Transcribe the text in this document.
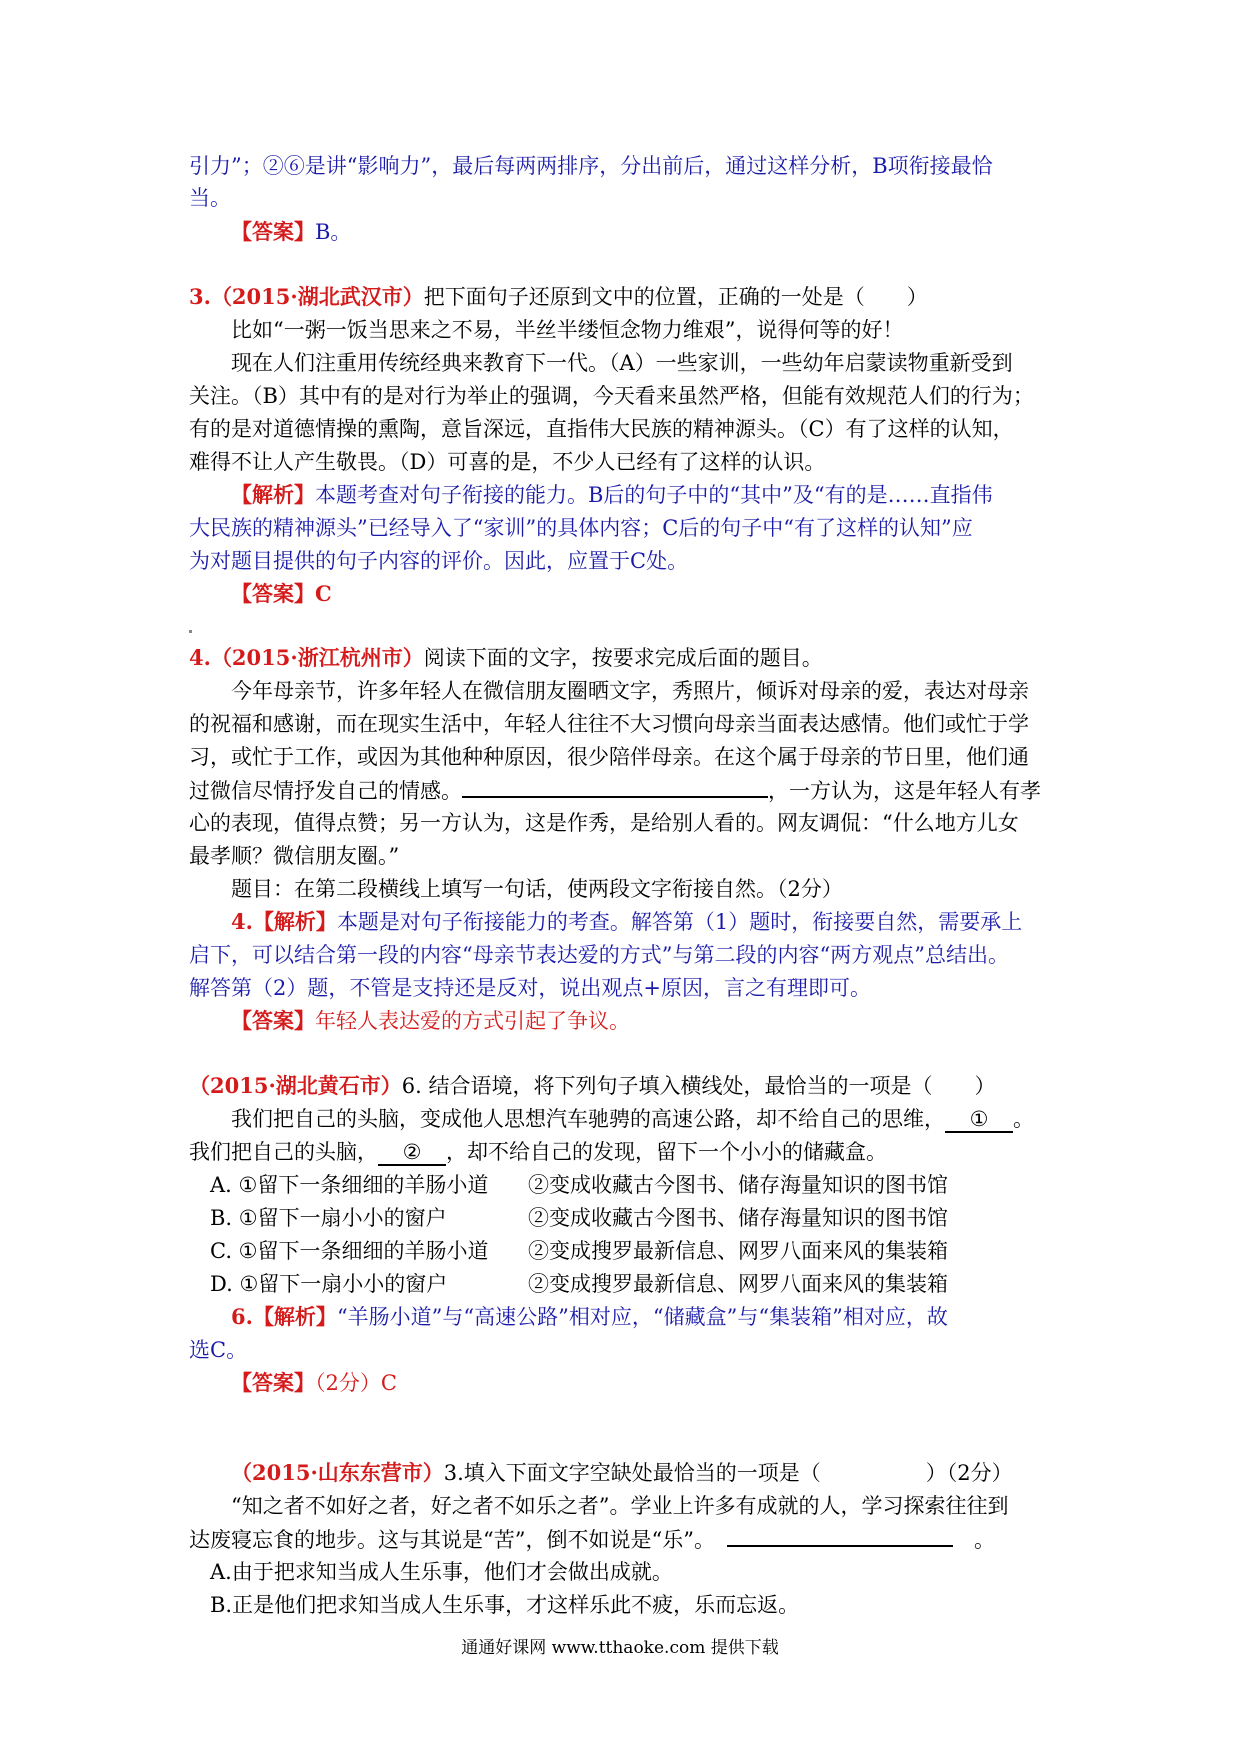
引力”；②⑥是讲“影响力”，最后每两两排序，分出前后，通过这样分析，B项衔接最恰
当。
【答案】B。
3.（2015·湖北武汉市）把下面句子还原到文中的位置，正确的一处是（　　）
比如“一粥一饭当思来之不易，半丝半缕恒念物力维艰”，说得何等的好！
现在人们注重用传统经典来教育下一代。（A）一些家训，一些幼年启蒙读物重新受到
关注。（B）其中有的是对行为举止的强调，今天看来虽然严格，但能有效规范人们的行为；
有的是对道德情操的熏陶，意旨深远，直指伟大民族的精神源头。（C）有了这样的认知，
难得不让人产生敬畏。（D）可喜的是，不少人已经有了这样的认识。
【解析】本题考查对句子衔接的能力。B后的句子中的“其中”及“有的是……直指伟
大民族的精神源头”已经导入了“家训”的具体内容；C后的句子中“有了这样的认知”应
为对题目提供的句子内容的评价。因此，应置于C处。
【答案】C
4.（2015·浙江杭州市）阅读下面的文字，按要求完成后面的题目。
今年母亲节，许多年轻人在微信朋友圈晒文字，秀照片，倾诉对母亲的爱，表达对母亲
的祝福和感谢，而在现实生活中，年轻人往往不大习惯向母亲当面表达感情。他们或忙于学
习，或忙于工作，或因为其他种种原因，很少陪伴母亲。在这个属于母亲的节日里，他们通
过微信尽情抒发自己的情感。	，一方认为，这是年轻人有孝
心的表现，值得点赞；另一方认为，这是作秀，是给别人看的。网友调侃：“什么地方儿女
最孝顺？微信朋友圈。”
题目：在第二段横线上填写一句话，使两段文字衔接自然。（2分）
4.【解析】本题是对句子衔接能力的考查。解答第（1）题时，衔接要自然，需要承上
启下，可以结合第一段的内容“母亲节表达爱的方式”与第二段的内容“两方观点”总结出。
解答第（2）题，不管是支持还是反对，说出观点+原因，言之有理即可。
【答案】年轻人表达爱的方式引起了争议。
（2015·湖北黄石市）6. 结合语境，将下列句子填入横线处，最恰当的一项是（　　）
我们把自己的头脑，变成他人思想汽车驰骋的高速公路，却不给自己的思维， ① 。
我们把自己的头脑， ② ，却不给自己的发现，留下一个小小的储藏盒。
A. ①留下一条细细的羊肠小道 ②变成收藏古今图书、储存海量知识的图书馆
B. ①留下一扇小小的窗户	②变成收藏古今图书、储存海量知识的图书馆
C. ①留下一条细细的羊肠小道 ②变成搜罗最新信息、网罗八面来风的集装箱
D. ①留下一扇小小的窗户	②变成搜罗最新信息、网罗八面来风的集装箱
6.【解析】“羊肠小道”与“高速公路”相对应，“储藏盒”与“集装箱”相对应，故
选C。
【答案】（2分）C
（2015·山东东营市）3.填入下面文字空缺处最恰当的一项是（　　　　　）（2分）
“知之者不如好之者，好之者不如乐之者”。学业上许多有成就的人，学习探索往往到
达废寝忘食的地步。这与其说是“苦”，倒不如说是“乐”。	　。
A.由于把求知当成人生乐事，他们才会做出成就。
B.正是他们把求知当成人生乐事，才这样乐此不疲，乐而忘返。
通通好课网 www.tthaoke.com 提供下载
